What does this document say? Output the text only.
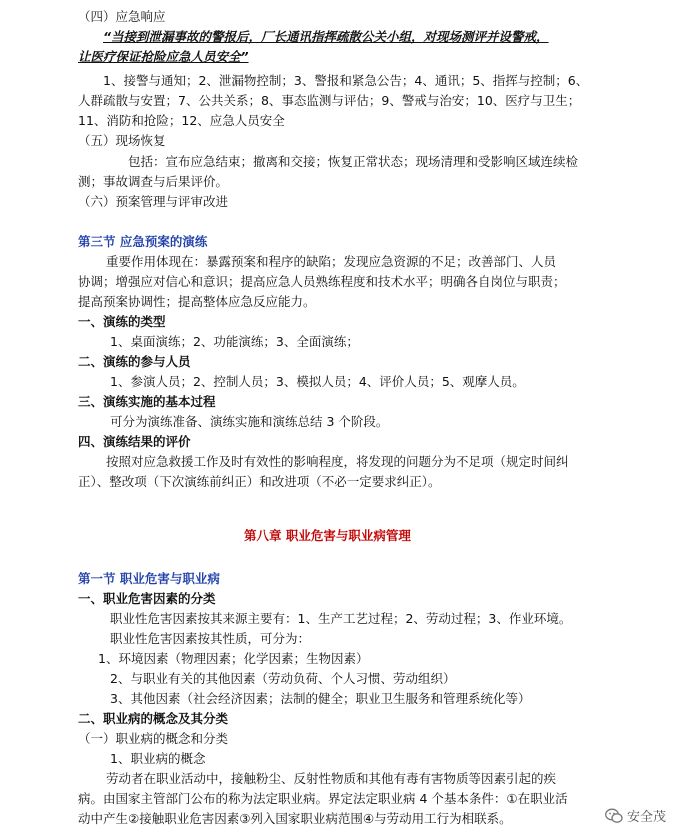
（四）应急响应
“当接到泄漏事故的警报后，厂长通讯指挥疏散公关小组，对现场测评并设警戒，
让医疗保证抢险应急人员安全”
1、接警与通知；2、泄漏物控制；3、警报和紧急公告；4、通讯；5、指挥与控制；6、
人群疏散与安置；7、公共关系；8、事态监测与评估；9、警戒与治安；10、医疗与卫生；
11、消防和抢险；12、应急人员安全
（五）现场恢复
包括：宣布应急结束；撤离和交接；恢复正常状态；现场清理和受影响区域连续检
测；事故调查与后果评价。
（六）预案管理与评审改进
第三节 应急预案的演练
重要作用体现在：暴露预案和程序的缺陷；发现应急资源的不足；改善部门、人员
协调；增强应对信心和意识；提高应急人员熟练程度和技术水平；明确各自岗位与职责；
提高预案协调性；提高整体应急反应能力。
一、演练的类型
1、桌面演练；2、功能演练；3、全面演练；
二、演练的参与人员
1、参演人员；2、控制人员；3、模拟人员；4、评价人员；5、观摩人员。
三、演练实施的基本过程
可分为演练准备、演练实施和演练总结 3 个阶段。
四、演练结果的评价
按照对应急救援工作及时有效性的影响程度，将发现的问题分为不足项（规定时间纠
正）、整改项（下次演练前纠正）和改进项（不必一定要求纠正）。
第八章 职业危害与职业病管理
第一节 职业危害与职业病
一、职业危害因素的分类
职业性危害因素按其来源主要有：1、生产工艺过程；2、劳动过程；3、作业环境。
职业性危害因素按其性质，可分为：
1、环境因素（物理因素；化学因素；生物因素）
2、与职业有关的其他因素（劳动负荷、个人习惯、劳动组织）
3、其他因素（社会经济因素；法制的健全；职业卫生服务和管理系统化等）
二、职业病的概念及其分类
（一）职业病的概念和分类
1、职业病的概念
劳动者在职业活动中，接触粉尘、反射性物质和其他有毒有害物质等因素引起的疾
病。由国家主管部门公布的称为法定职业病。界定法定职业病 4 个基本条件：①在职业活
动中产生②接触职业危害因素③列入国家职业病范围④与劳动用工行为相联系。	安全茂
